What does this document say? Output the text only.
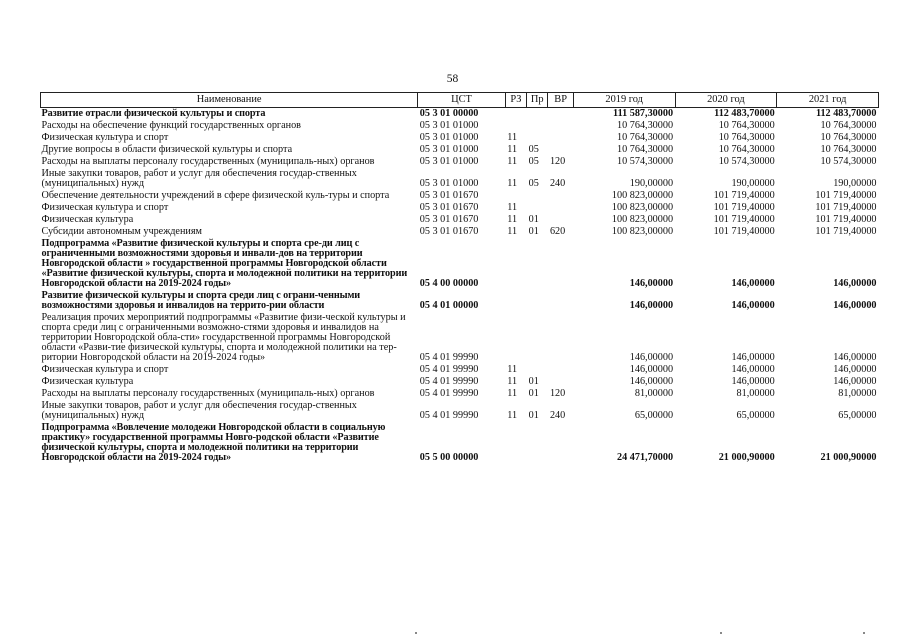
58
Наименование	ЦСТ	РЗ	Пр	ВР	2019 год	2020 год	2021 год
Развитие отрасли физической культуры и спорта	05 3 01 00000				111 587,30000	112 483,70000	112 483,70000
Расходы на обеспечение функций государственных органов	05 3 01 01000				10 764,30000	10 764,30000	10 764,30000
Физическая культура и спорт	05 3 01 01000	11			10 764,30000	10 764,30000	10 764,30000
Другие вопросы в области физической культуры и спорта	05 3 01 01000	11	05		10 764,30000	10 764,30000	10 764,30000
Расходы на выплаты персоналу государственных (муниципаль-ных) органов	05 3 01 01000	11	05	120	10 574,30000	10 574,30000	10 574,30000
Иные закупки товаров, работ и услуг для обеспечения государ-ственных (муниципальных) нужд	05 3 01 01000	11	05	240	190,00000	190,00000	190,00000
Обеспечение деятельности учреждений в сфере физической куль-туры и спорта	05 3 01 01670				100 823,00000	101 719,40000	101 719,40000
Физическая культура и спорт	05 3 01 01670	11			100 823,00000	101 719,40000	101 719,40000
Физическая культура	05 3 01 01670	11	01		100 823,00000	101 719,40000	101 719,40000
Субсидии автономным учреждениям	05 3 01 01670	11	01	620	100 823,00000	101 719,40000	101 719,40000
Подпрограмма «Развитие физической культуры и спорта сре-ди лиц с ограниченными возможностями здоровья и инвали-дов на территории Новгородской области » государственной программы Новгородской области «Развитие физической культуры, спорта и молодежной политики на территории Новгородской области на 2019-2024 годы»	05 4 00 00000				146,00000	146,00000	146,00000
Развитие физической культуры и спорта среди лиц с ограни-ченными возможностями здоровья и инвалидов на террито-рии области	05 4 01 00000				146,00000	146,00000	146,00000
Реализация прочих мероприятий подпрограммы «Развитие физи-ческой культуры и спорта среди лиц с ограниченными возможно-стями здоровья и инвалидов на территории Новгородской обла-сти» государственной программы Новгородской области «Разви-тие физической культуры, спорта и молодежной политики на тер-ритории Новгородской области на 2019-2024 годы»	05 4 01 99990				146,00000	146,00000	146,00000
Физическая культура и спорт	05 4 01 99990	11			146,00000	146,00000	146,00000
Физическая культура	05 4 01 99990	11	01		146,00000	146,00000	146,00000
Расходы на выплаты персоналу государственных (муниципаль-ных) органов	05 4 01 99990	11	01	120	81,00000	81,00000	81,00000
Иные закупки товаров, работ и услуг для обеспечения государ-ственных (муниципальных) нужд	05 4 01 99990	11	01	240	65,00000	65,00000	65,00000
Подпрограмма «Вовлечение молодежи Новгородской области в социальную практику» государственной программы Новго-родской области «Развитие физической культуры, спорта и молодежной политики на территории Новгородской области на 2019-2024 годы»	05 5 00 00000				24 471,70000	21 000,90000	21 000,90000
